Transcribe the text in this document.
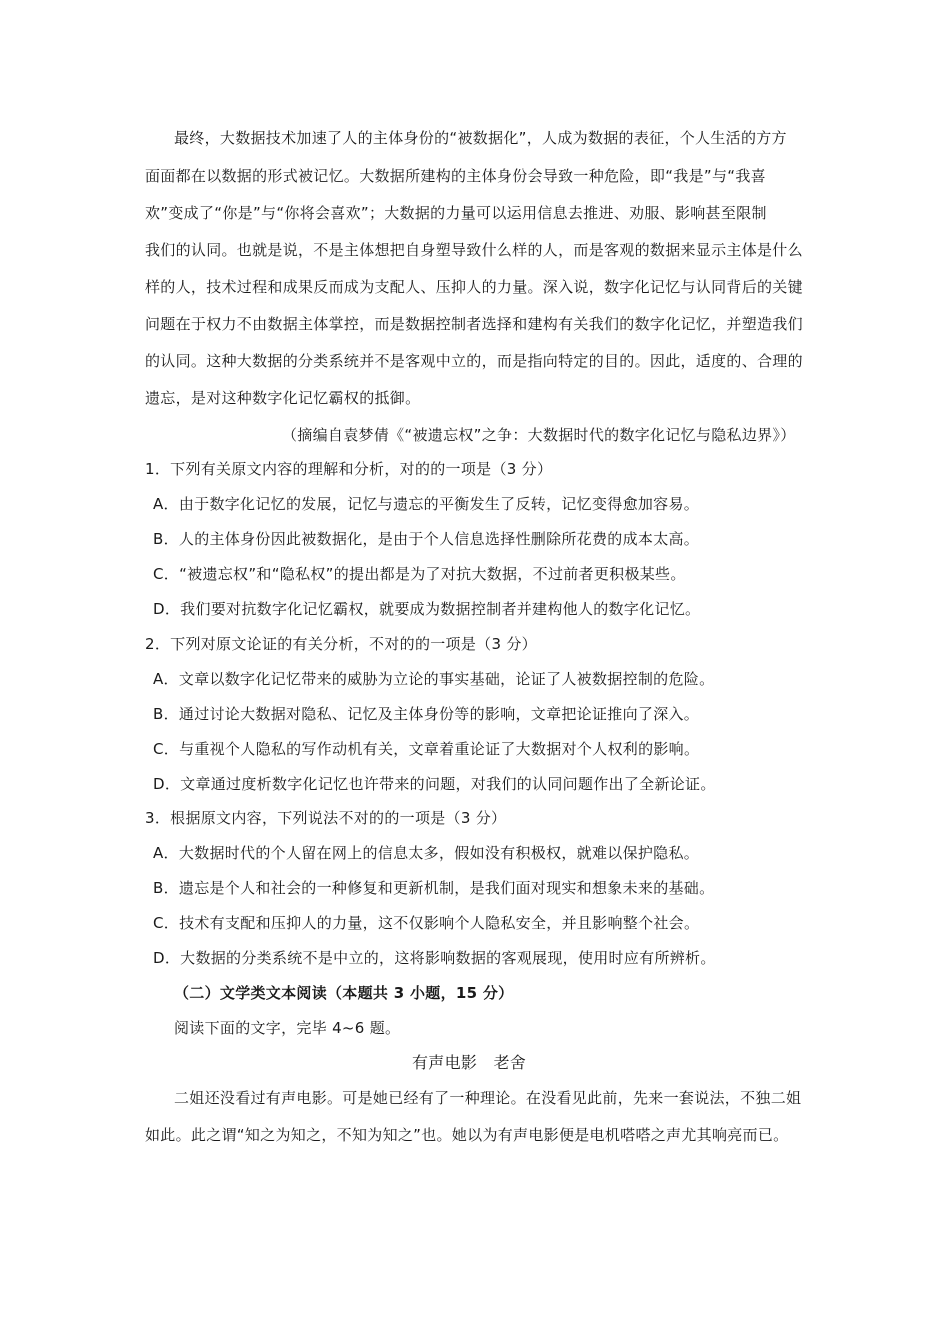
最终，大数据技术加速了人的主体身份的“被数据化”，人成为数据的表征，个人生活的方方
面面都在以数据的形式被记忆。大数据所建构的主体身份会导致一种危险，即“我是”与“我喜
欢”变成了“你是”与“你将会喜欢”；大数据的力量可以运用信息去推进、劝服、影响甚至限制
我们的认同。也就是说，不是主体想把自身塑导致什么样的人，而是客观的数据来显示主体是什么
样的人，技术过程和成果反而成为支配人、压抑人的力量。深入说，数字化记忆与认同背后的关键
问题在于权力不由数据主体掌控，而是数据控制者选择和建构有关我们的数字化记忆，并塑造我们
的认同。这种大数据的分类系统并不是客观中立的，而是指向特定的目的。因此，适度的、合理的
遗忘，是对这种数字化记忆霸权的抵御。
（摘编自袁梦倩《“被遗忘权”之争：大数据时代的数字化记忆与隐私边界》）
1．下列有关原文内容的理解和分析，对的的一项是（3 分）
A．由于数字化记忆的发展，记忆与遗忘的平衡发生了反转，记忆变得愈加容易。
B．人的主体身份因此被数据化，是由于个人信息选择性删除所花费的成本太高。
C．“被遗忘权”和“隐私权”的提出都是为了对抗大数据，不过前者更积极某些。
D．我们要对抗数字化记忆霸权，就要成为数据控制者并建构他人的数字化记忆。
2．下列对原文论证的有关分析，不对的的一项是（3 分）
A．文章以数字化记忆带来的威胁为立论的事实基础，论证了人被数据控制的危险。
B．通过讨论大数据对隐私、记忆及主体身份等的影响，文章把论证推向了深入。
C．与重视个人隐私的写作动机有关，文章着重论证了大数据对个人权利的影响。
D．文章通过度析数字化记忆也许带来的问题，对我们的认同问题作出了全新论证。
3．根据原文内容，下列说法不对的的一项是（3 分）
A．大数据时代的个人留在网上的信息太多，假如没有积极权，就难以保护隐私。
B．遗忘是个人和社会的一种修复和更新机制，是我们面对现实和想象未来的基础。
C．技术有支配和压抑人的力量，这不仅影响个人隐私安全，并且影响整个社会。
D．大数据的分类系统不是中立的，这将影响数据的客观展现，使用时应有所辨析。
（二）文学类文本阅读（本题共 3 小题，15 分）
阅读下面的文字，完毕 4~6 题。
有声电影　老舍
二姐还没看过有声电影。可是她已经有了一种理论。在没看见此前，先来一套说法，不独二姐
如此。此之谓“知之为知之，不知为知之”也。她以为有声电影便是电机嗒嗒之声尤其响亮而已。
